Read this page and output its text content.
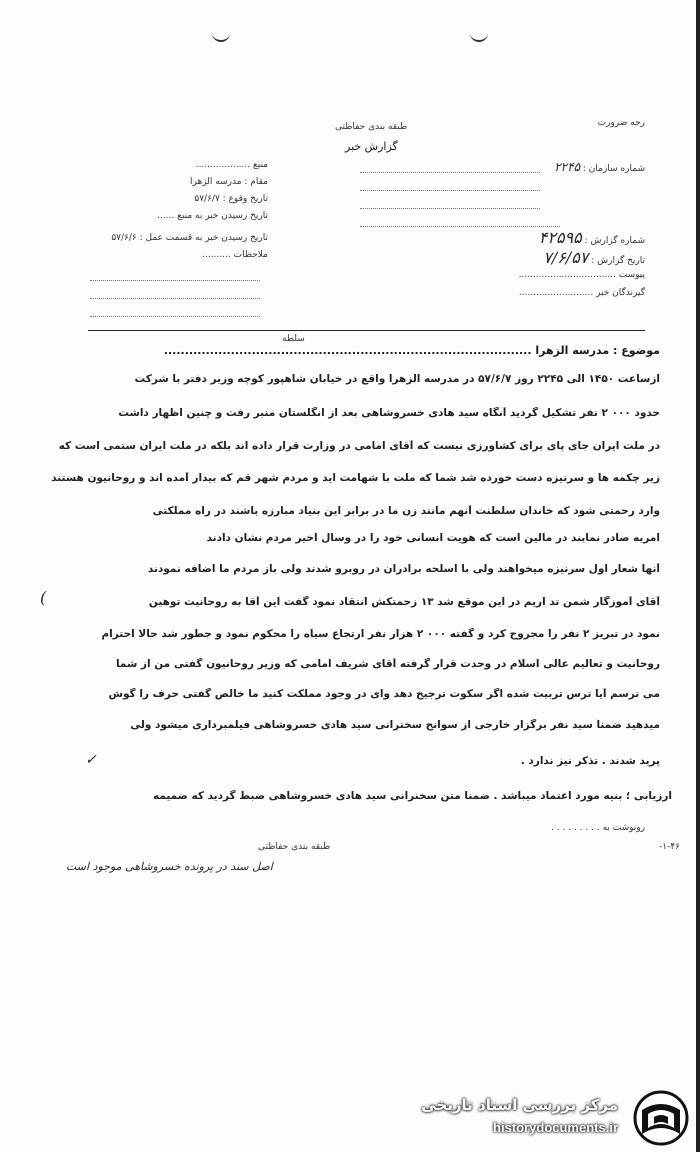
رجه ضرورت
طبقه بندی حفاظتی
گزارش خبر
شماره سازمان : ۲۲۴۵
شماره گزارش : ۴۲۵۹۵
تاریخ گزارش : ۷/۶/۵۷
پیوست ..................................
گیرندگان خبر ..........................
منبع ...................
مقام : مدرسه الزهرا
تاریخ وقوع : ۵۷/۶/۷
تاریخ رسیدن خبر به منبع ......
تاریخ رسیدن خبر به قسمت عمل : ۵۷/۶/۶
ملاحظات ..........
سلطه
موضوع : مدرسه الزهرا ........................................................................................
ازساعت ۱۴۵۰ الی ۲۲۴۵ روز ۵۷/۶/۷ در مدرسه الزهرا واقع در خیابان شاهپور کوچه وزیر دفتر با شرکت
حدود ۰۰۰ ۲ نفر تشکیل گردید آنگاه سید هادی خسروشاهی بعد از انگلستان منبر رفت و چنین اظهار داشت
در ملت ایران جای پای برای کشاورزی نیست که آقای امامی در وزارت قرار داده اند بلکه در ملت ایران ستمی است که
زیر چکمه ها و سرنیزه دست خورده شد شما که ملت با شهامت اید و مردم شهر قم که بیدار آمده اند و روحانیون هستند
وارد رحمتی شود که خاندان سلطنت آنهم مانند زن ما در برابر این بنیاد مبارزه باشند در راه مملکتی
امریه صادر نمایند در مالین است که هویت انسانی خود را در وسال اخیر مردم نشان دادند
آنها شعار اول سرنیزه میخواهند ولی با اسلحه برادران در روبرو شدند ولی باز مردم ما اضافه نمودند
آقای آموزگار شمن تد اریم در این موقع شد ۱۳ زحمتکش انتقاد نمود گفت این آقا به روحانیت توهین
نمود در تبریز ۲ نفر را مجروح کرد و گفته ۰۰۰ ۲ هزار نفر ارتجاع سیاه را محکوم نمود و جطور شد حالا احترام
روحانیت و تعالیم عالی اسلام در وحدت قرار گرفته آقای شریف امامی که وزیر روحانیون گفتی من از شما
می ترسم آیا ترس تربیت شده اگر سکوت ترجیح دهد وای در وجود مملکت کنید ما خالص گفتی حرف را گوش
میدهید ضمناً سید نفر برگزار خارجی از سوانح سخنرانی سید هادی خسروشاهی فیلمبرداری میشود ولی
پرید شدند . تذکر نیز ندارد .
✓
(
ارزیابی ؛ بنیه مورد اعتماد میباشد . ضمناً متن سخنرانی سید هادی خسروشاهی ضبط گردید که ضمیمه
رونوشت به . . . . . . . . .
طبقه بندی حفاظتی	۱-۴۶-
اصل سند در پرونده خسروشاهی موجود است
مرکز بررسی اسناد تاریخی
historydocuments.ir
